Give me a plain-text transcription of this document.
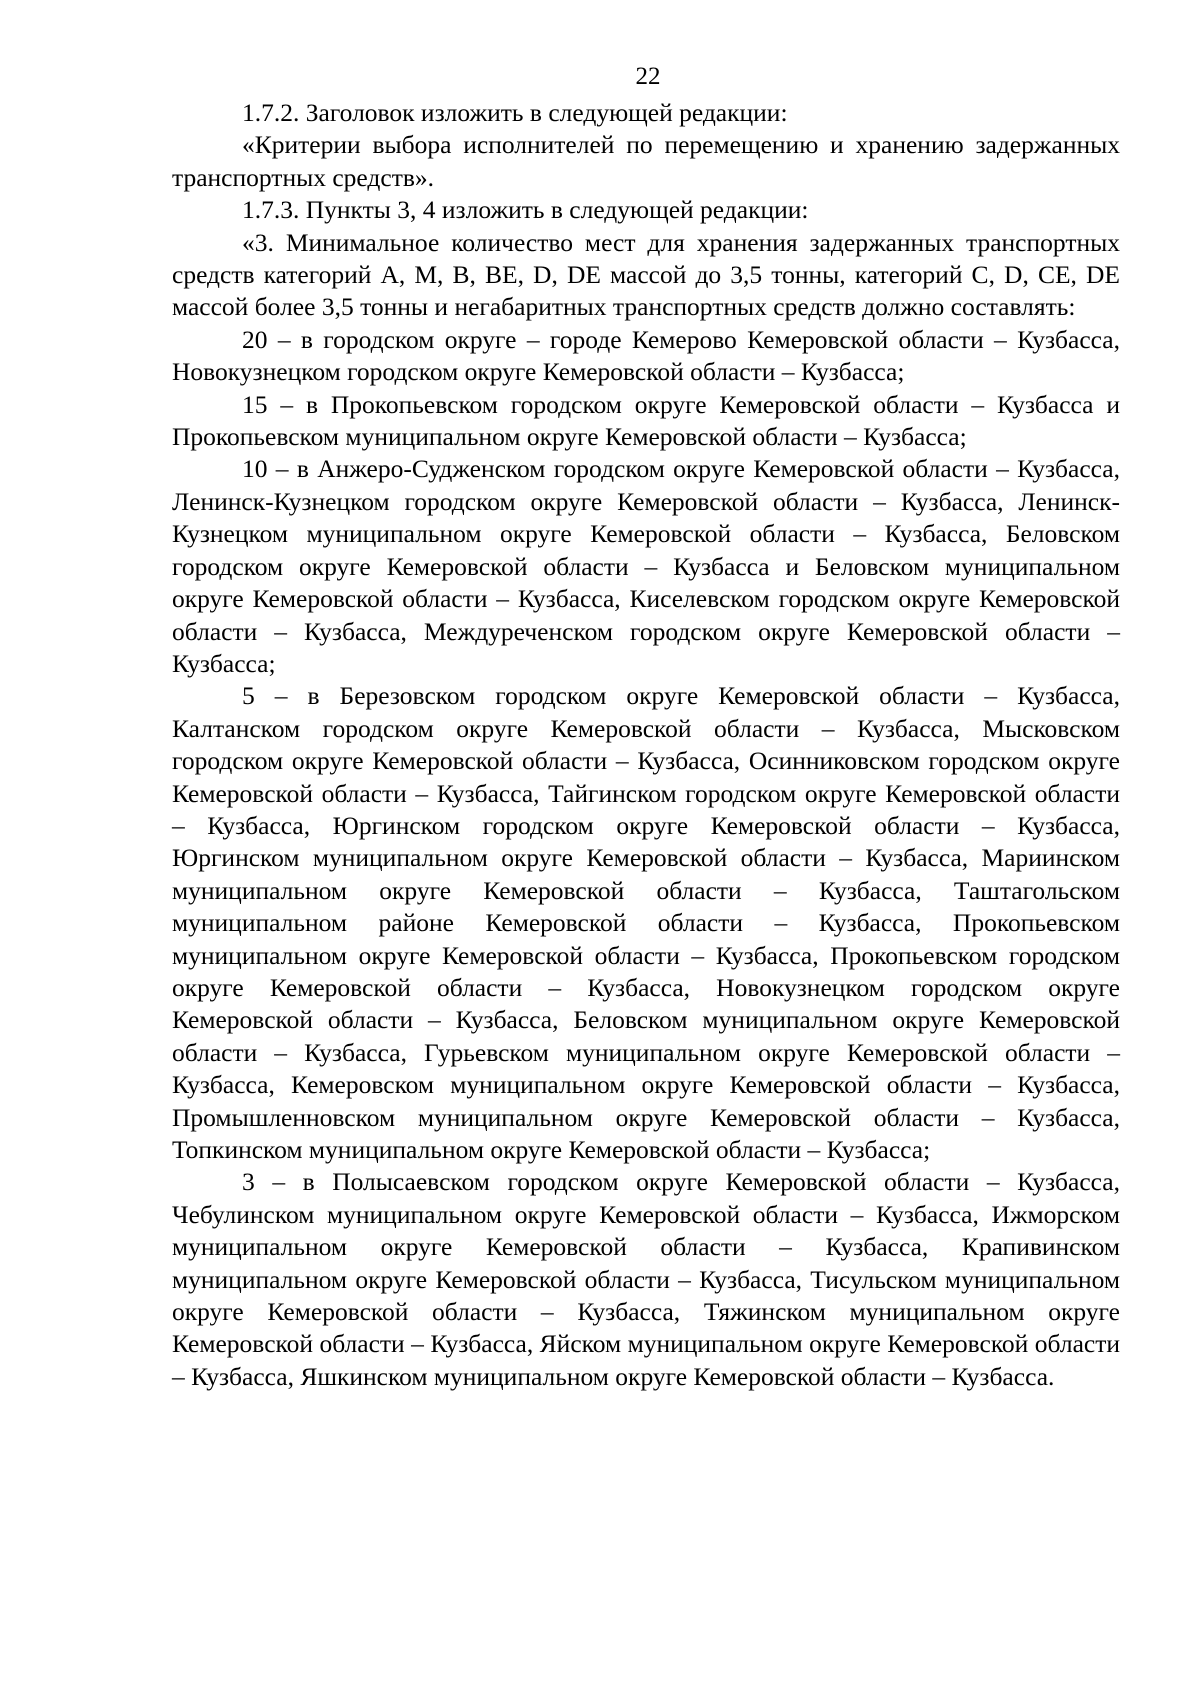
22

1.7.2. Заголовок изложить в следующей редакции:

«Критерии выбора исполнителей по перемещению и хранению задержанных транспортных средств».

1.7.3. Пункты 3, 4 изложить в следующей редакции:

«3. Минимальное количество мест для хранения задержанных транспортных средств категорий A, M, B, BE, D, DE массой до 3,5 тонны, категорий C, D, CE, DE массой более 3,5 тонны и негабаритных транспортных средств должно составлять:

20 – в городском округе – городе Кемерово Кемеровской области – Кузбасса, Новокузнецком городском округе Кемеровской области – Кузбасса;

15 – в Прокопьевском городском округе Кемеровской области – Кузбасса и Прокопьевском муниципальном округе Кемеровской области – Кузбасса;

10 – в Анжеро-Судженском городском округе Кемеровской области – Кузбасса, Ленинск-Кузнецком городском округе Кемеровской области – Кузбасса, Ленинск-Кузнецком муниципальном округе Кемеровской области – Кузбасса, Беловском городском округе Кемеровской области – Кузбасса и Беловском муниципальном округе Кемеровской области – Кузбасса, Киселевском городском округе Кемеровской области – Кузбасса, Междуреченском городском округе Кемеровской области – Кузбасса;

5 – в Березовском городском округе Кемеровской области – Кузбасса, Калтанском городском округе Кемеровской области – Кузбасса, Мысковском городском округе Кемеровской области – Кузбасса, Осинниковском городском округе Кемеровской области – Кузбасса, Тайгинском городском округе Кемеровской области – Кузбасса, Юргинском городском округе Кемеровской области – Кузбасса, Юргинском муниципальном округе Кемеровской области – Кузбасса, Мариинском муниципальном округе Кемеровской области – Кузбасса, Таштагольском муниципальном районе Кемеровской области – Кузбасса, Прокопьевском муниципальном округе Кемеровской области – Кузбасса, Прокопьевском городском округе Кемеровской области – Кузбасса, Новокузнецком городском округе Кемеровской области – Кузбасса, Беловском муниципальном округе Кемеровской области – Кузбасса, Гурьевском муниципальном округе Кемеровской области – Кузбасса, Кемеровском муниципальном округе Кемеровской области – Кузбасса, Промышленновском муниципальном округе Кемеровской области – Кузбасса, Топкинском муниципальном округе Кемеровской области – Кузбасса;

3 – в Полысаевском городском округе Кемеровской области – Кузбасса, Чебулинском муниципальном округе Кемеровской области – Кузбасса, Ижморском муниципальном округе Кемеровской области – Кузбасса, Крапивинском муниципальном округе Кемеровской области – Кузбасса, Тисульском муниципальном округе Кемеровской области – Кузбасса, Тяжинском муниципальном округе Кемеровской области – Кузбасса, Яйском муниципальном округе Кемеровской области – Кузбасса, Яшкинском муниципальном округе Кемеровской области – Кузбасса.
